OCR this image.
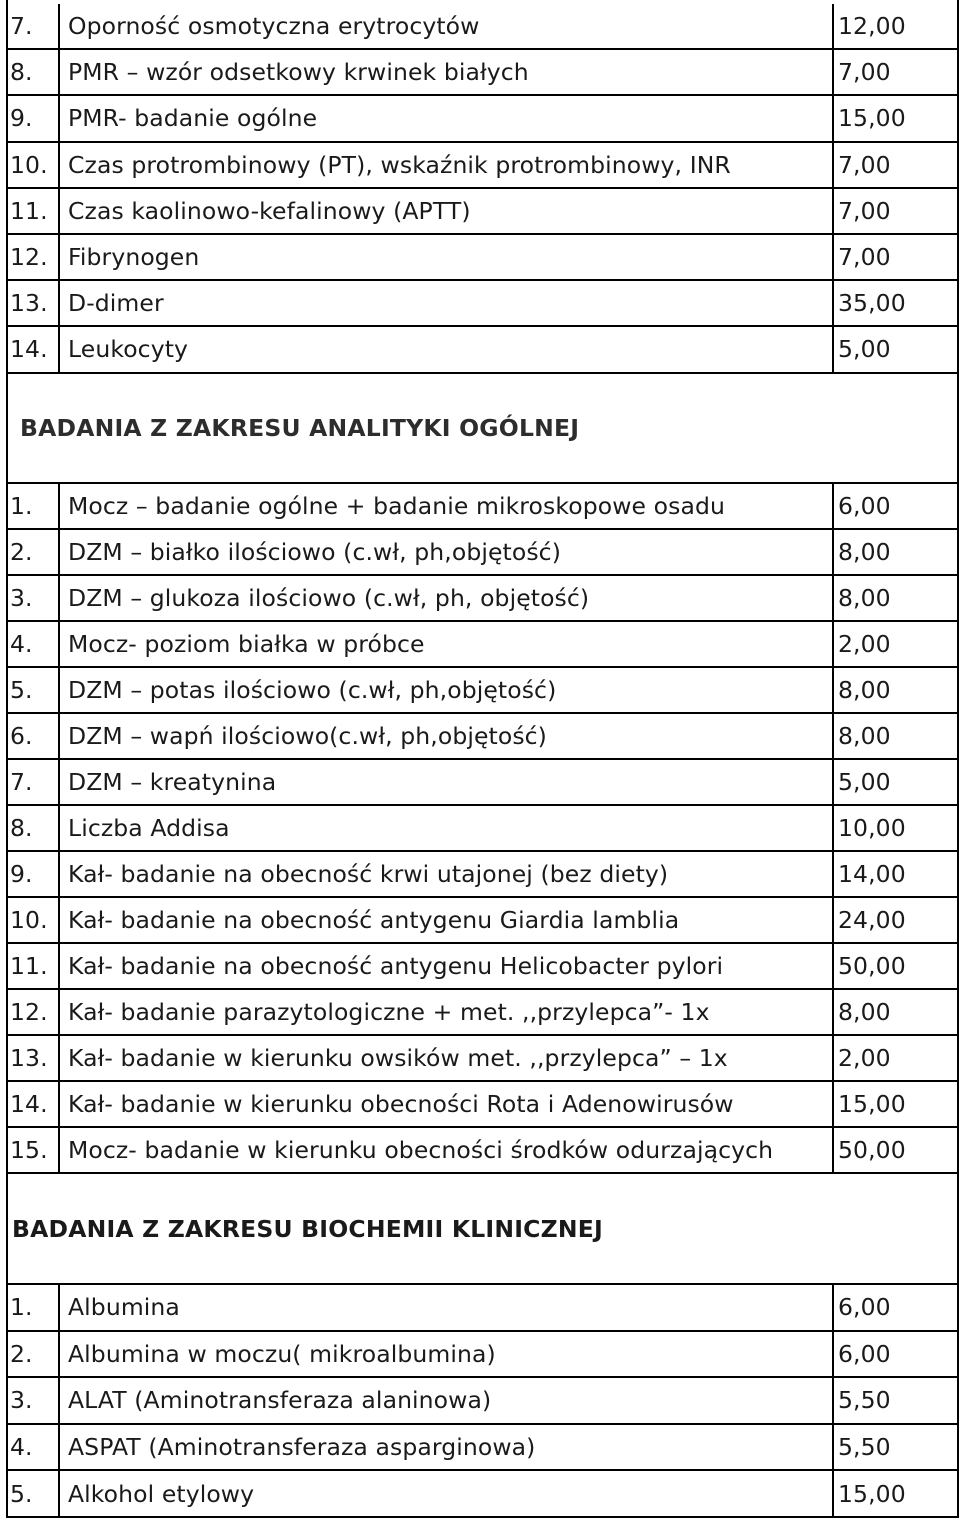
7.	Oporność osmotyczna erytrocytów	12,00
8.	PMR – wzór odsetkowy krwinek białych	7,00
9.	PMR- badanie ogólne	15,00
10. Czas protrombinowy (PT), wskaźnik protrombinowy, INR	7,00
11. Czas kaolinowo-kefalinowy (APTT)	7,00
12. Fibrynogen	7,00
13. D-dimer	35,00
14. Leukocyty	5,00
BADANIA Z ZAKRESU ANALITYKI OGÓLNEJ
1.	Mocz – badanie ogólne + badanie mikroskopowe osadu	6,00
2.	DZM – białko ilościowo (c.wł, ph,objętość)	8,00
3.	DZM – glukoza ilościowo (c.wł, ph, objętość)	8,00
4.	Mocz- poziom białka w próbce	2,00
5.	DZM – potas ilościowo (c.wł, ph,objętość)	8,00
6.	DZM – wapń ilościowo(c.wł, ph,objętość)	8,00
7.	DZM – kreatynina	5,00
8.	Liczba Addisa	10,00
9.	Kał- badanie na obecność krwi utajonej (bez diety)	14,00
10. Kał- badanie na obecność antygenu Giardia lamblia	24,00
11. Kał- badanie na obecność antygenu Helicobacter pylori	50,00
12. Kał- badanie parazytologiczne + met. ,,przylepca”- 1x	8,00
13. Kał- badanie w kierunku owsików met. ,,przylepca” – 1x	2,00
14. Kał- badanie w kierunku obecności Rota i Adenowirusów	15,00
15. Mocz- badanie w kierunku obecności środków odurzających	50,00
BADANIA Z ZAKRESU BIOCHEMII KLINICZNEJ
1.	Albumina	6,00
2.	Albumina w moczu( mikroalbumina)	6,00
3.	ALAT (Aminotransferaza alaninowa)	5,50
4.	ASPAT (Aminotransferaza asparginowa)	5,50
5.	Alkohol etylowy	15,00
